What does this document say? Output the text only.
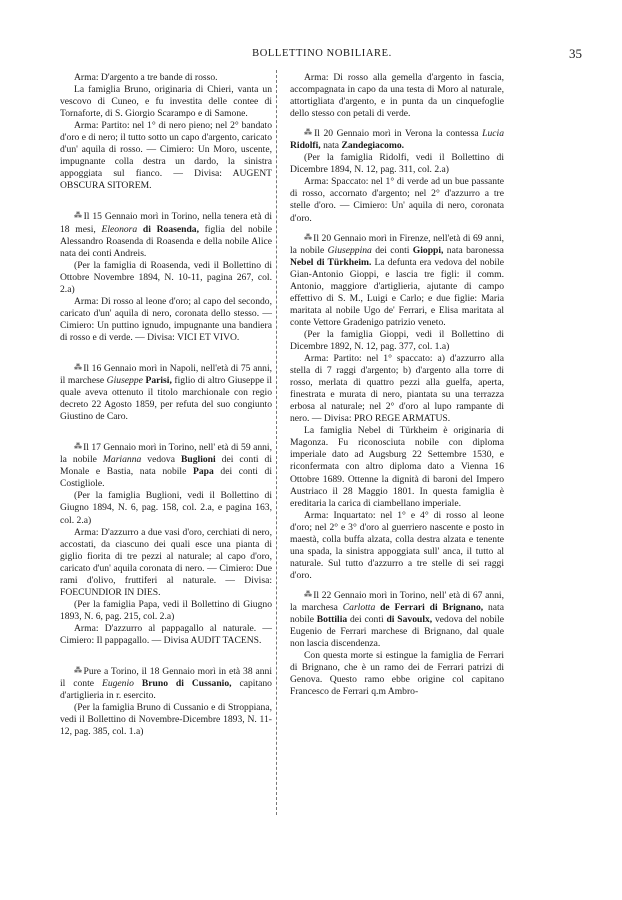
BOLLETTINO NOBILIARE.	35

Arma: D'argento a tre bande di rosso.

La famiglia Bruno, originaria di Chieri, vanta un vescovo di Cuneo, e fu investita delle contee di Tornaforte, di S. Giorgio Scarampo e di Samone.

Arma: Partito: nel 1° di nero pieno; nel 2° bandato d'oro e di nero; il tutto sotto un capo d'argento, caricato d'un' aquila di rosso. — Cimiero: Un Moro, uscente, impugnante colla destra un dardo, la sinistra appoggiata sul fianco. — Divisa: AUGENT OBSCURA SITOREM.

⁂ Il 15 Gennaio morì in Torino, nella tenera età di 18 mesi, Eleonora di Roasenda, figlia del nobile Alessandro Roasenda di Roasenda e della nobile Alice nata dei conti Andreis.

(Per la famiglia di Roasenda, vedi il Bollettino di Ottobre Novembre 1894, N. 10-11, pagina 267, col. 2.a)

Arma: Di rosso al leone d'oro; al capo del secondo, caricato d'un' aquila di nero, coronata dello stesso. — Cimiero: Un puttino ignudo, impugnante una bandiera di rosso e di verde. — Divisa: VICI ET VIVO.

⁂ Il 16 Gennaio morì in Napoli, nell'età di 75 anni, il marchese Giuseppe Parisi, figlio di altro Giuseppe il quale aveva ottenuto il titolo marchionale con regio decreto 22 Agosto 1859, per refuta del suo congiunto Giustino de Caro.

⁂ Il 17 Gennaio morì in Torino, nell' età di 59 anni, la nobile Marianna vedova Buglioni dei conti di Monale e Bastia, nata nobile Papa dei conti di Costigliole.

(Per la famiglia Buglioni, vedi il Bollettino di Giugno 1894, N. 6, pag. 158, col. 2.a, e pagina 163, col. 2.a)

Arma: D'azzurro a due vasi d'oro, cerchiati di nero, accostati, da ciascuno dei quali esce una pianta di giglio fiorita di tre pezzi al naturale; al capo d'oro, caricato d'un' aquila coronata di nero. — Cimiero: Due rami d'olivo, fruttiferi al naturale. — Divisa: FOECUNDIOR IN DIES.

(Per la famiglia Papa, vedi il Bollettino di Giugno 1893, N. 6, pag. 215, col. 2.a)

Arma: D'azzurro al pappagallo al naturale. — Cimiero: Il pappagallo. — Divisa AUDIT TACENS.

⁂ Pure a Torino, il 18 Gennaio morì in età 38 anni il conte Eugenio Bruno di Cussanio, capitano d'artiglieria in r. esercito.

(Per la famiglia Bruno di Cussanio e di Stroppiana, vedi il Bollettino di Novembre-Dicembre 1893, N. 11-12, pag. 385, col. 1.a)

Arma: Di rosso alla gemella d'argento in fascia, accompagnata in capo da una testa di Moro al naturale, attortigliata d'argento, e in punta da un cinquefoglie dello stesso con petali di verde.

⁂ Il 20 Gennaio morì in Verona la contessa Lucia Ridolfi, nata Zandegiacomo.

(Per la famiglia Ridolfi, vedi il Bollettino di Dicembre 1894, N. 12, pag. 311, col. 2.a)

Arma: Spaccato: nel 1° di verde ad un bue passante di rosso, accornato d'argento; nel 2° d'azzurro a tre stelle d'oro. — Cimiero: Un' aquila di nero, coronata d'oro.

⁂ Il 20 Gennaio morì in Firenze, nell'età di 69 anni, la nobile Giuseppina dei conti Gioppi, nata baronessa Nebel di Türkheim. La defunta era vedova del nobile Gian-Antonio Gioppi, e lascia tre figli: il comm. Antonio, maggiore d'artiglieria, ajutante di campo effettivo di S. M., Luigi e Carlo; e due figlie: Maria maritata al nobile Ugo de' Ferrari, e Elisa maritata al conte Vettore Gradenigo patrizio veneto.

(Per la famiglia Gioppi, vedi il Bollettino di Dicembre 1892, N. 12, pag. 377, col. 1.a)

Arma: Partito: nel 1° spaccato: a) d'azzurro alla stella di 7 raggi d'argento; b) d'argento alla torre di rosso, merlata di quattro pezzi alla guelfa, aperta, finestrata e murata di nero, piantata su una terrazza erbosa al naturale; nel 2° d'oro al lupo rampante di nero. — Divisa: PRO REGE ARMATUS.

La famiglia Nebel di Türkheim è originaria di Magonza. Fu riconosciuta nobile con diploma imperiale dato ad Augsburg 22 Settembre 1530, e riconfermata con altro diploma dato a Vienna 16 Ottobre 1689. Ottenne la dignità di baroni del Impero Austriaco il 28 Maggio 1801. In questa famiglia è ereditaria la carica di ciambellano imperiale.

Arma: Inquartato: nel 1° e 4° di rosso al leone d'oro; nel 2° e 3° d'oro al guerriero nascente e posto in maestà, colla buffa alzata, colla destra alzata e tenente una spada, la sinistra appoggiata sull' anca, il tutto al naturale. Sul tutto d'azzurro a tre stelle di sei raggi d'oro.

⁂ Il 22 Gennaio morì in Torino, nell' età di 67 anni, la marchesa Carlotta de Ferrari di Brignano, nata nobile Bottilia dei conti di Savoulx, vedova del nobile Eugenio de Ferrari marchese di Brignano, dal quale non lascia discendenza.

Con questa morte si estingue la famiglia de Ferrari di Brignano, che è un ramo dei de Ferrari patrizi di Genova. Questo ramo ebbe origine col capitano Francesco de Ferrari q.m Ambro-
